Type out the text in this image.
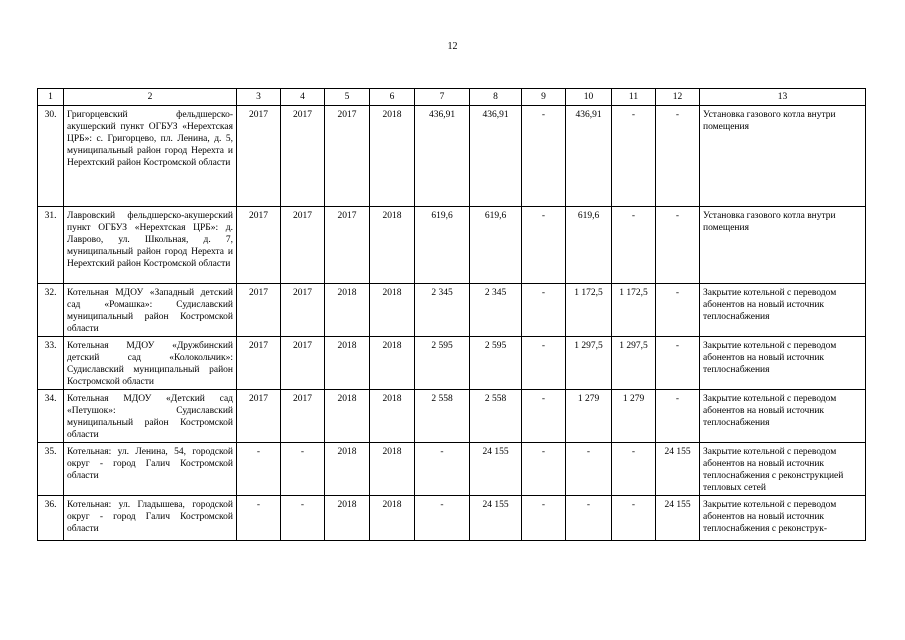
12
1	2	3	4	5	6	7	8	9	10	11	12	13
30.	Григорцевский фельдшерско-акушерский пункт ОГБУЗ «Нерехтская ЦРБ»: с. Григорцево, пл. Ленина, д. 5, муниципальный район город Нерехта и Нерехтский район Костромской области	2017	2017	2017	2018	436,91	436,91	-	436,91	-	-	Установка газового котла внутри помещения
31.	Лавровский фельдшерско-акушерский пункт ОГБУЗ «Нерехтская ЦРБ»: д. Лаврово, ул. Школьная, д. 7, муниципальный район город Нерехта и Нерехтский район Костромской области	2017	2017	2017	2018	619,6	619,6	-	619,6	-	-	Установка газового котла внутри помещения
32.	Котельная МДОУ «Западный детский сад «Ромашка»: Судиславский муниципальный район Костромской области	2017	2017	2018	2018	2 345	2 345	-	1 172,5	1 172,5	-	Закрытие котельной с переводом абонентов на новый источник теплоснабжения
33.	Котельная МДОУ «Дружбинский детский сад «Колокольчик»: Судиславский муниципальный район Костромской области	2017	2017	2018	2018	2 595	2 595	-	1 297,5	1 297,5	-	Закрытие котельной с переводом абонентов на новый источник теплоснабжения
34.	Котельная МДОУ «Детский сад «Петушок»: Судиславский муниципальный район Костромской области	2017	2017	2018	2018	2 558	2 558	-	1 279	1 279	-	Закрытие котельной с переводом абонентов на новый источник теплоснабжения
35.	Котельная: ул. Ленина, 54, городской округ - город Галич Костромской области	-	-	2018	2018	-	24 155	-	-	-	24 155	Закрытие котельной с переводом абонентов на новый источник теплоснабжения с реконструкцией тепловых сетей
36.	Котельная: ул. Гладышева, городской округ - город Галич Костромской области	-	-	2018	2018	-	24 155	-	-	-	24 155	Закрытие котельной с переводом абонентов на новый источник теплоснабжения с реконструк-
